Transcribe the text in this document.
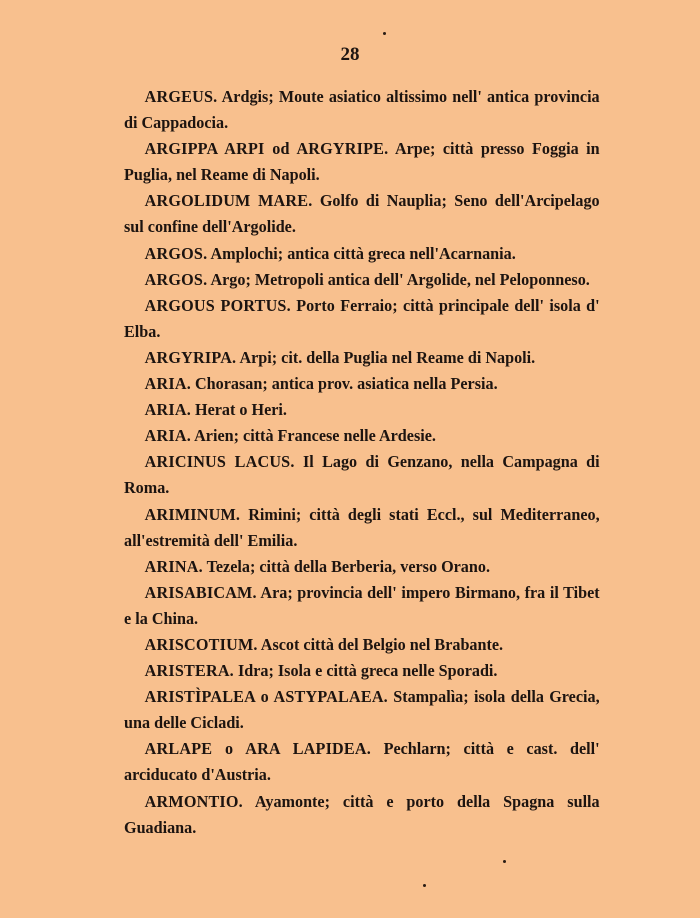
28

ARGEUS. Ardgis; Moute asiatico altissimo nell' antica provincia di Cappadocia.

ARGIPPA ARPI od ARGYRIPE. Arpe; città presso Foggia in Puglia, nel Reame di Napoli.

ARGOLIDUM MARE. Golfo di Nauplia; Seno dell'Arcipelago sul confine dell'Argolide.

ARGOS. Amplochi; antica città greca nell'Acarnania.

ARGOS. Argo; Metropoli antica dell' Argolide, nel Peloponneso.

ARGOUS PORTUS. Porto Ferraio; città principale dell' isola d' Elba.

ARGYRIPA. Arpi; cit. della Puglia nel Reame di Napoli.

ARIA. Chorasan; antica prov. asiatica nella Persia.

ARIA. Herat o Heri.

ARIA. Arien; città Francese nelle Ardesie.

ARICINUS LACUS. Il Lago di Genzano, nella Campagna di Roma.

ARIMINUM. Rimini; città degli stati Eccl., sul Mediterraneo, all'estremità dell' Emilia.

ARINA. Tezela; città della Berberia, verso Orano.

ARISABICAM. Ara; provincia dell' impero Birmano, fra il Tibet e la China.

ARISCOTIUM. Ascot città del Belgio nel Brabante.

ARISTERA. Idra; Isola e città greca nelle Sporadi.

ARISTÌPALEA o ASTYPALAEA. Stampalìa; isola della Grecia, una delle Cicladi.

ARLAPE o ARA LAPIDEA. Pechlarn; città e cast. dell' arciducato d'Austria.

ARMONTIO. Ayamonte; città e porto della Spagna sulla Guadiana.
